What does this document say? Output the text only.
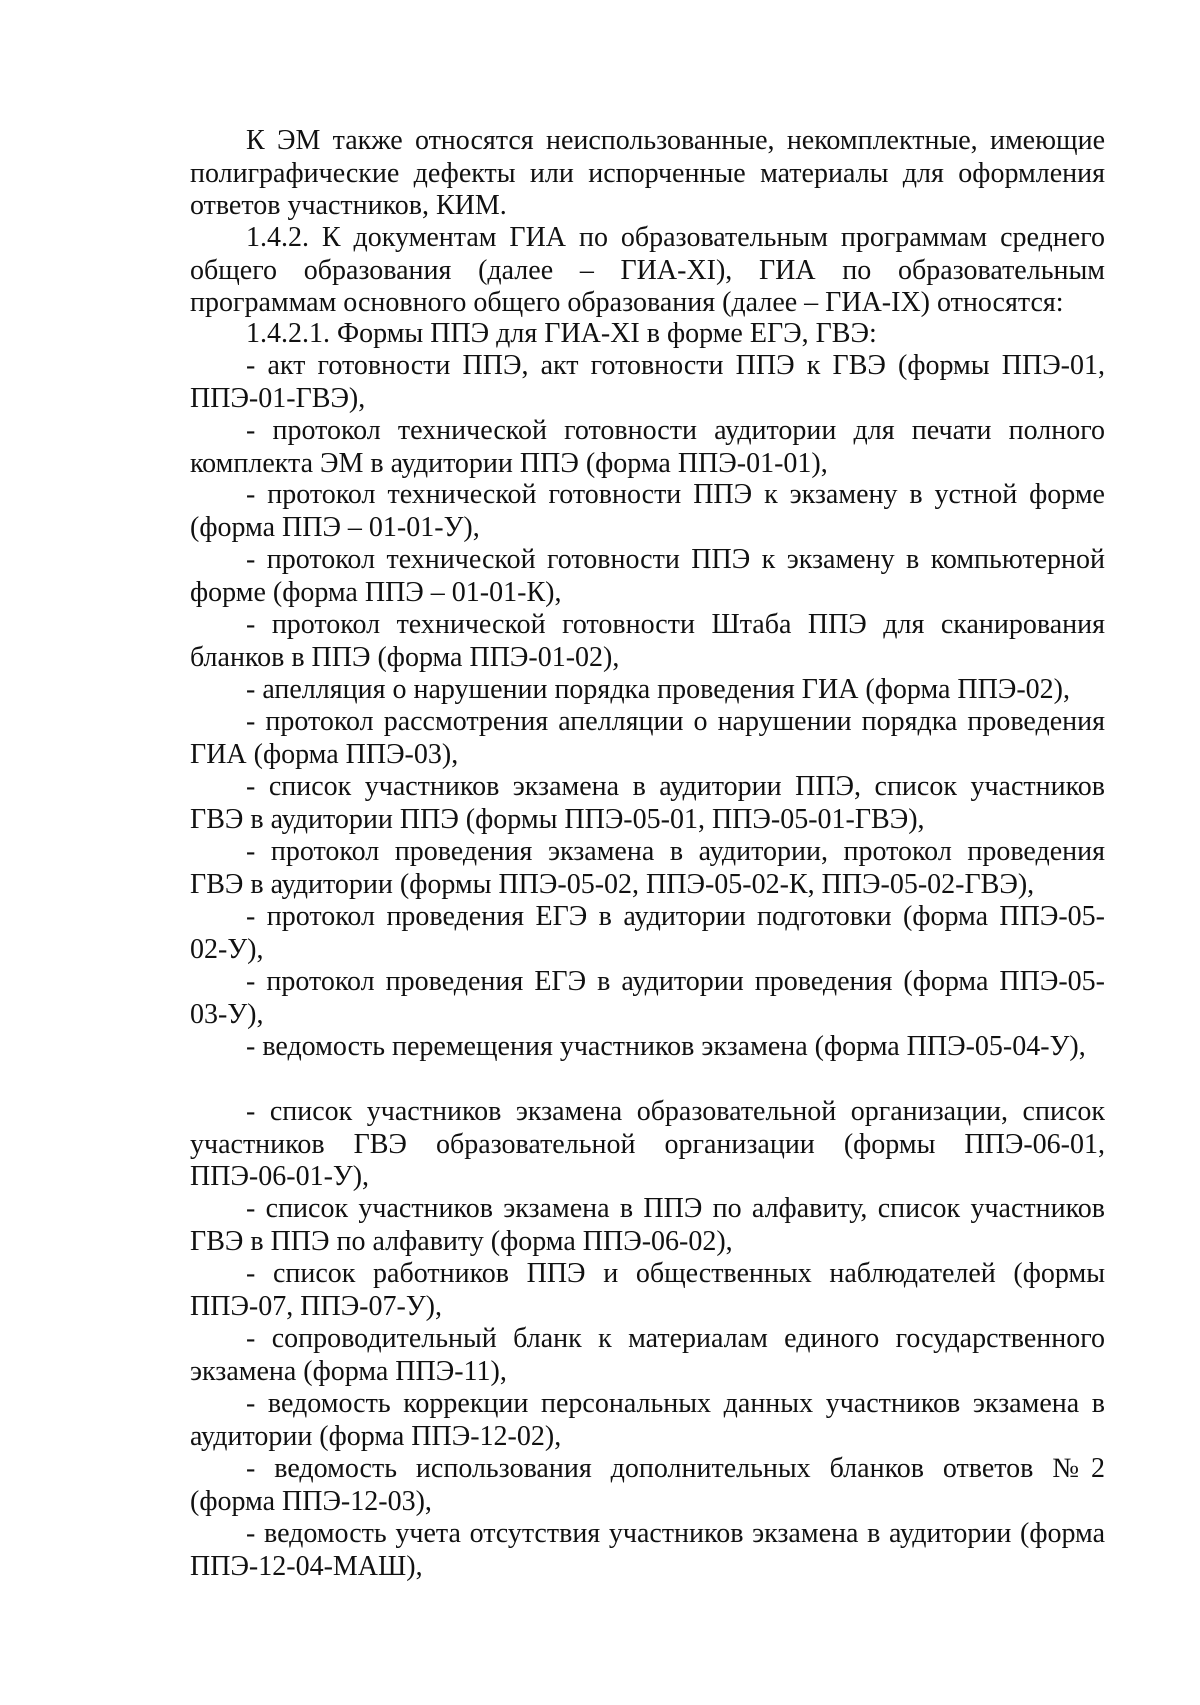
К ЭМ также относятся неиспользованные, некомплектные, имеющие полиграфические дефекты или испорченные материалы для оформления ответов участников, КИМ.

1.4.2. К документам ГИА по образовательным программам среднего общего образования (далее – ГИА-XI), ГИА по образовательным программам основного общего образования (далее – ГИА-IX) относятся:

1.4.2.1. Формы ППЭ для ГИА-XI в форме ЕГЭ, ГВЭ:

- акт готовности ППЭ, акт готовности ППЭ к ГВЭ (формы ППЭ-01, ППЭ-01-ГВЭ),

- протокол технической готовности аудитории для печати полного комплекта ЭМ в аудитории ППЭ (форма ППЭ-01-01),

- протокол технической готовности ППЭ к экзамену в устной форме (форма ППЭ – 01-01-У),

- протокол технической готовности ППЭ к экзамену в компьютерной форме (форма ППЭ – 01-01-К),

- протокол технической готовности Штаба ППЭ для сканирования бланков в ППЭ (форма ППЭ-01-02),

- апелляция о нарушении порядка проведения ГИА (форма ППЭ-02),

- протокол рассмотрения апелляции о нарушении порядка проведения ГИА (форма ППЭ-03),

- список участников экзамена в аудитории ППЭ, список участников ГВЭ в аудитории ППЭ (формы ППЭ-05-01, ППЭ-05-01-ГВЭ),

- протокол проведения экзамена в аудитории, протокол проведения ГВЭ в аудитории (формы ППЭ-05-02, ППЭ-05-02-К, ППЭ-05-02-ГВЭ),

- протокол проведения ЕГЭ в аудитории подготовки (форма ППЭ-05-02-У),

- протокол проведения ЕГЭ в аудитории проведения (форма ППЭ-05-03-У),

- ведомость перемещения участников экзамена (форма ППЭ-05-04-У),

- список участников экзамена образовательной организации, список участников ГВЭ образовательной организации (формы ППЭ-06-01, ППЭ-06-01-У),

- список участников экзамена в ППЭ по алфавиту, список участников ГВЭ в ППЭ по алфавиту (форма ППЭ-06-02),

- список работников ППЭ и общественных наблюдателей (формы ППЭ-07, ППЭ-07-У),

- сопроводительный бланк к материалам единого государственного экзамена (форма ППЭ-11),

- ведомость коррекции персональных данных участников экзамена в аудитории (форма ППЭ-12-02),

- ведомость использования дополнительных бланков ответов №2 (форма ППЭ-12-03),

- ведомость учета отсутствия участников экзамена в аудитории (форма ППЭ-12-04-МАШ),
